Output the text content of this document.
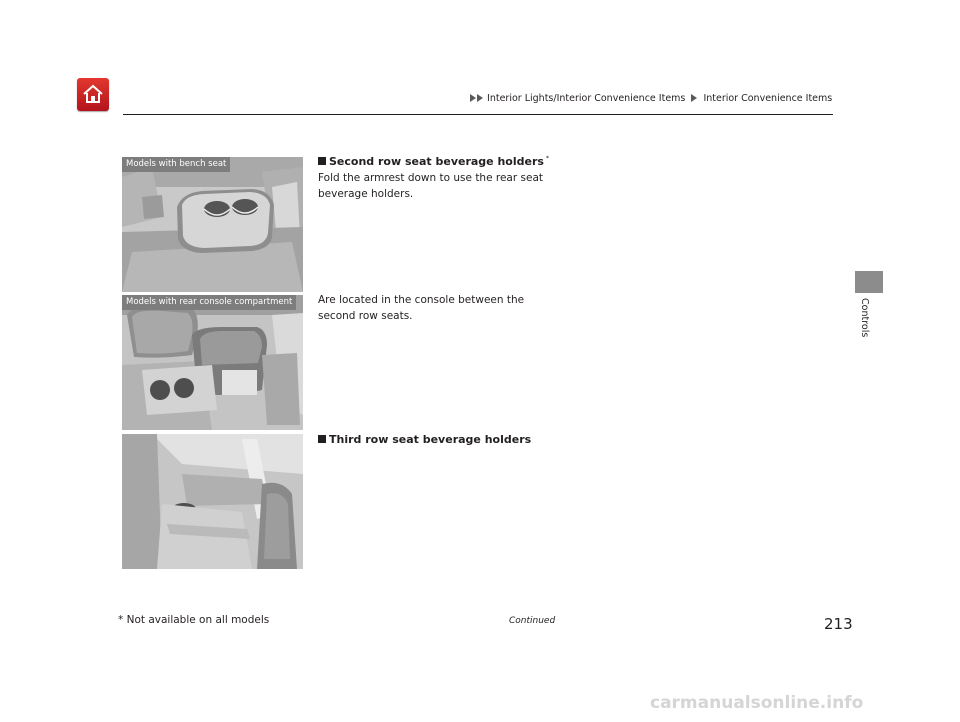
Interior Lights/Interior Convenience Items Interior Convenience Items
Controls
Models with bench seat
Models with rear console compartment
Second row seat beverage holders *
Fold the armrest down to use the rear seat beverage holders.
Are located in the console between the second row seats.
Third row seat beverage holders
* Not available on all models	Continued	213
carmanualsonline.info
